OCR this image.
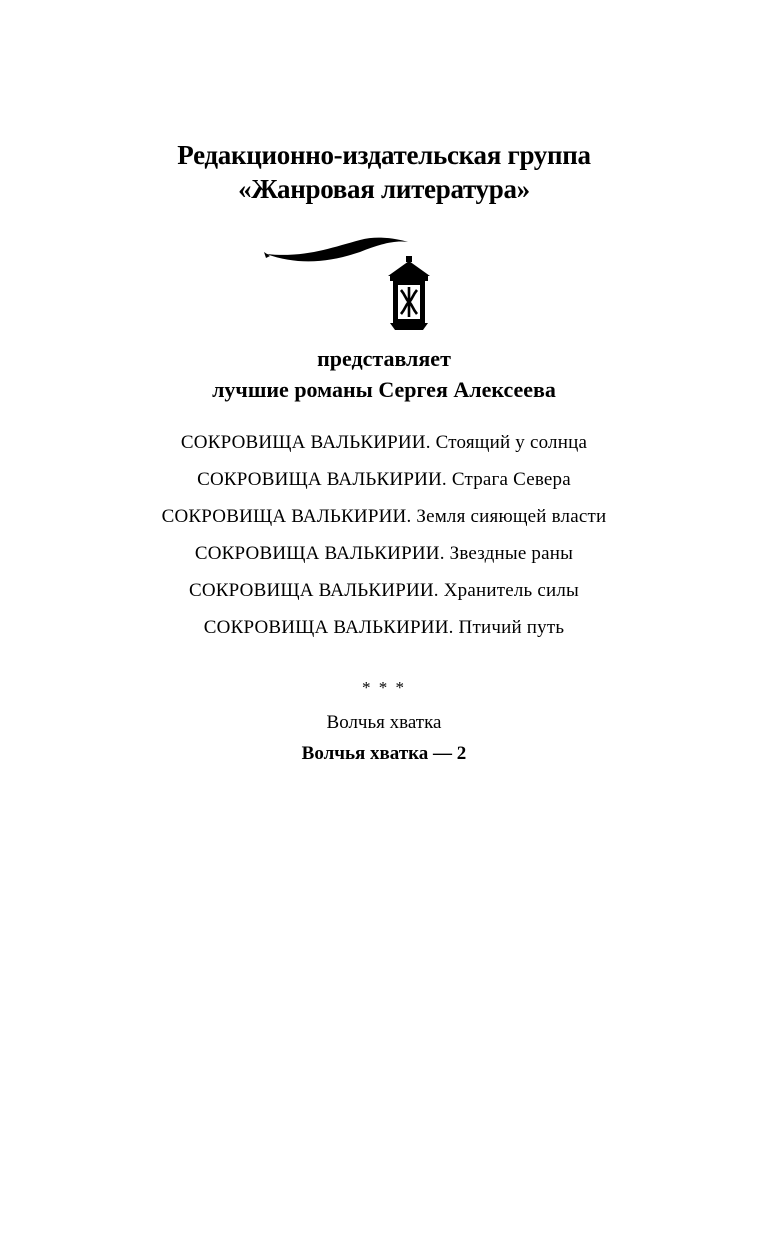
Редакционно-издательская группа
«Жанровая литература»
представляет
лучшие романы Сергея Алексеева
СОКРОВИЩА ВАЛЬКИРИИ. Стоящий у солнца
СОКРОВИЩА ВАЛЬКИРИИ. Страга Севера
СОКРОВИЩА ВАЛЬКИРИИ. Земля сияющей власти
СОКРОВИЩА ВАЛЬКИРИИ. Звездные раны
СОКРОВИЩА ВАЛЬКИРИИ. Хранитель силы
СОКРОВИЩА ВАЛЬКИРИИ. Птичий путь
* * *
Волчья хватка
Волчья хватка — 2
